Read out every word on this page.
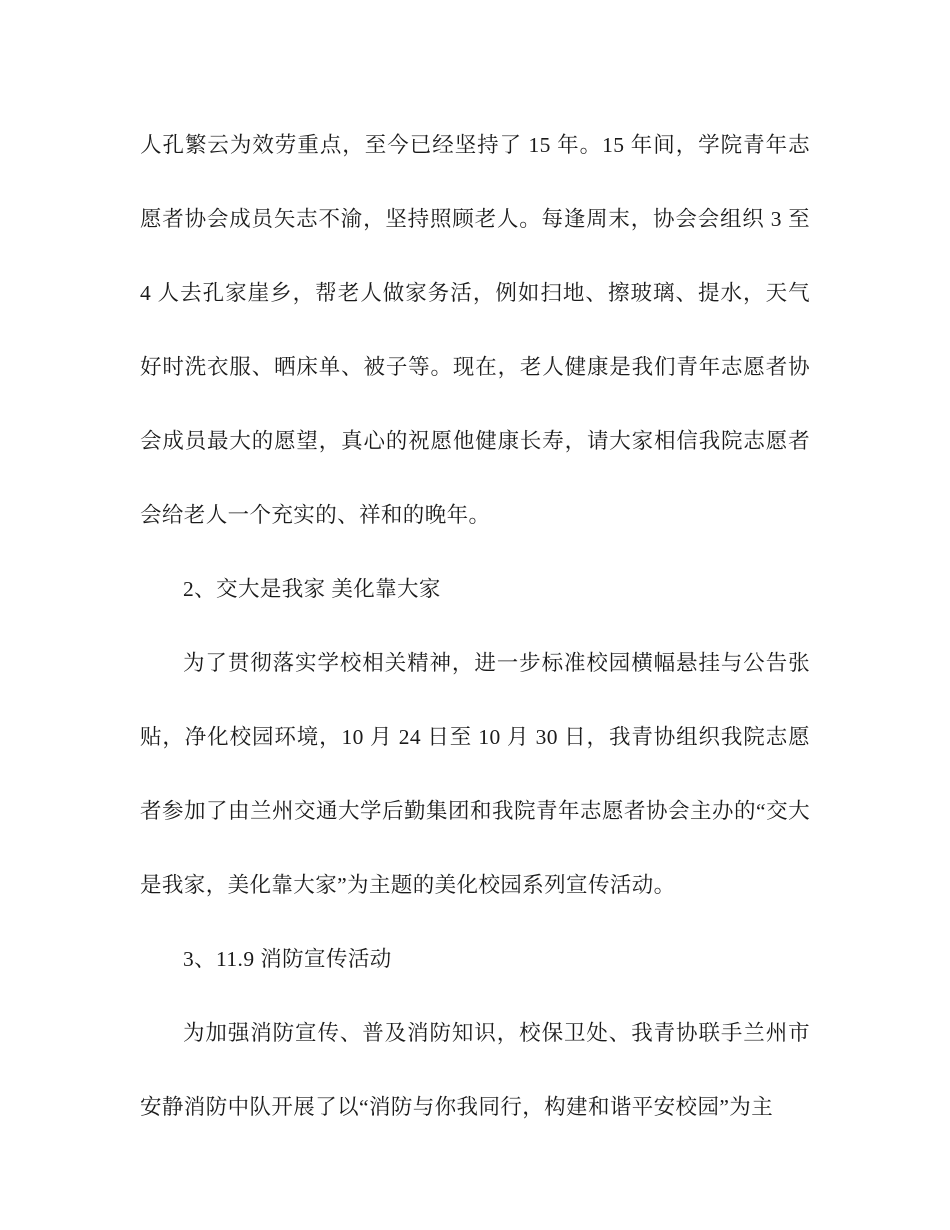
人孔繁云为效劳重点，至今已经坚持了 15 年。15 年间，学院青年志愿者协会成员矢志不渝，坚持照顾老人。每逢周末，协会会组织 3 至 4 人去孔家崖乡，帮老人做家务活，例如扫地、擦玻璃、提水，天气好时洗衣服、晒床单、被子等。现在，老人健康是我们青年志愿者协会成员最大的愿望，真心的祝愿他健康长寿，请大家相信我院志愿者会给老人一个充实的、祥和的晚年。

2、交大是我家 美化靠大家

为了贯彻落实学校相关精神，进一步标准校园横幅悬挂与公告张贴，净化校园环境，10 月 24 日至 10 月 30 日，我青协组织我院志愿者参加了由兰州交通大学后勤集团和我院青年志愿者协会主办的“交大是我家，美化靠大家”为主题的美化校园系列宣传活动。

3、11.9 消防宣传活动

为加强消防宣传、普及消防知识，校保卫处、我青协联手兰州市安静消防中队开展了以“消防与你我同行，构建和谐平安校园”为主
